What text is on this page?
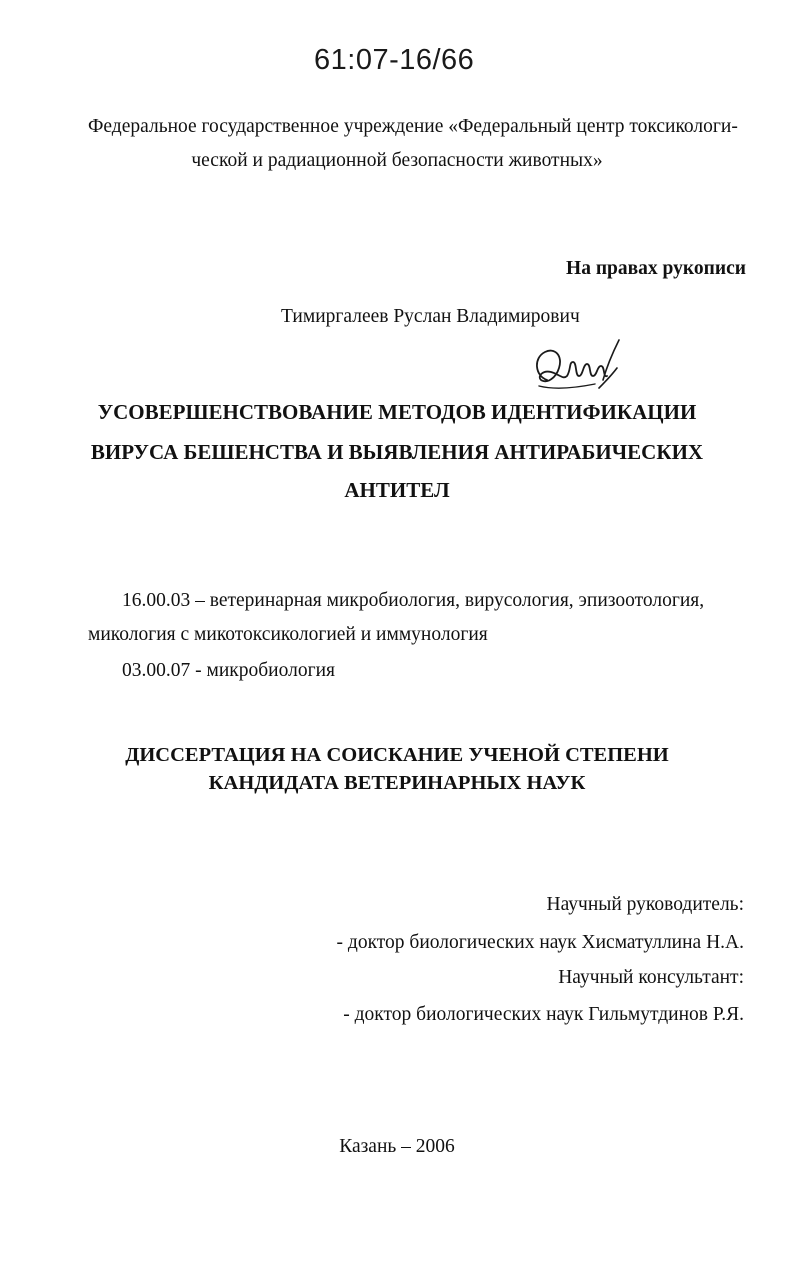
61:07-16/66
Федеральное государственное учреждение «Федеральный центр токсикологи-
ческой и радиационной безопасности животных»
На правах рукописи
Тимиргалеев Руслан Владимирович
УСОВЕРШЕНСТВОВАНИЕ МЕТОДОВ ИДЕНТИФИКАЦИИ
ВИРУСА БЕШЕНСТВА И ВЫЯВЛЕНИЯ АНТИРАБИЧЕСКИХ
АНТИТЕЛ
16.00.03 – ветеринарная микробиология, вирусология, эпизоотология,
микология с микотоксикологией и иммунология
03.00.07 - микробиология
ДИССЕРТАЦИЯ НА СОИСКАНИЕ УЧЕНОЙ СТЕПЕНИ
КАНДИДАТА ВЕТЕРИНАРНЫХ НАУК
Научный руководитель:
- доктор биологических наук Хисматуллина Н.А.
Научный консультант:
- доктор биологических наук Гильмутдинов Р.Я.
Казань – 2006
